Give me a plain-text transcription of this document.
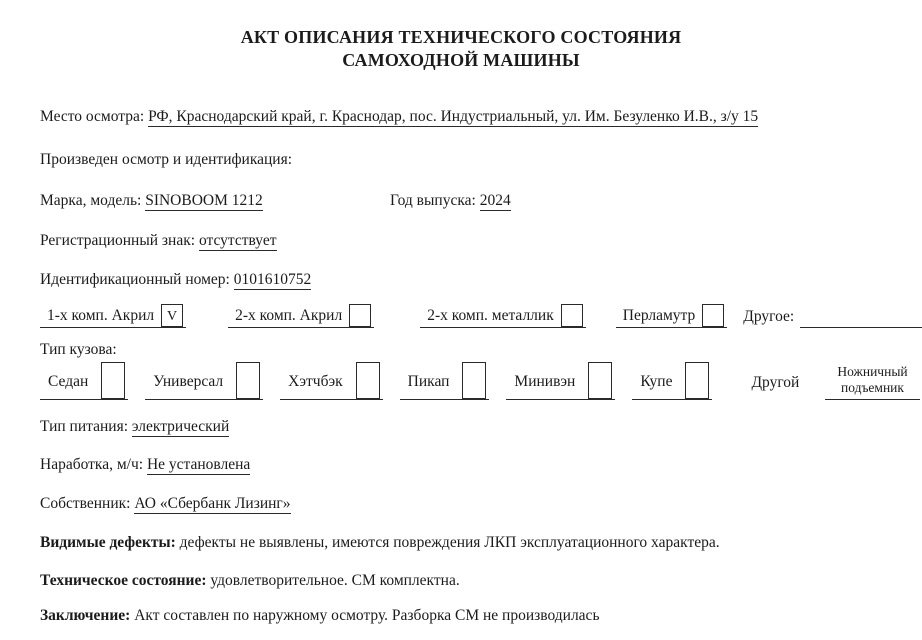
АКТ ОПИСАНИЯ ТЕХНИЧЕСКОГО СОСТОЯНИЯ
САМОХОДНОЙ МАШИНЫ
Место осмотра: РФ, Краснодарский край, г. Краснодар, пос. Индустриальный, ул. Им. Безуленко И.В., з/у 15
Произведен осмотр и идентификация:
Марка, модель: SINOBOOM 1212	Год выпуска: 2024
Регистрационный знак: отсутствует
Идентификационный номер: 0101610752
1-х комп. Акрил V	2-х комп. Акрил	2-х комп. металлик	Перламутр	Другое:
Тип кузова:
Седан	Универсал	Хэтчбэк	Пикап	Минивэн	Купе	Другой
Ножничный
подъемник
Тип питания: электрический
Наработка, м/ч: Не установлена
Собственник: АО «Сбербанк Лизинг»
Видимые дефекты: дефекты не выявлены, имеются повреждения ЛКП эксплуатационного характера.
Техническое состояние: удовлетворительное. СМ комплектна.
Заключение: Акт составлен по наружному осмотру. Разборка СМ не производилась
